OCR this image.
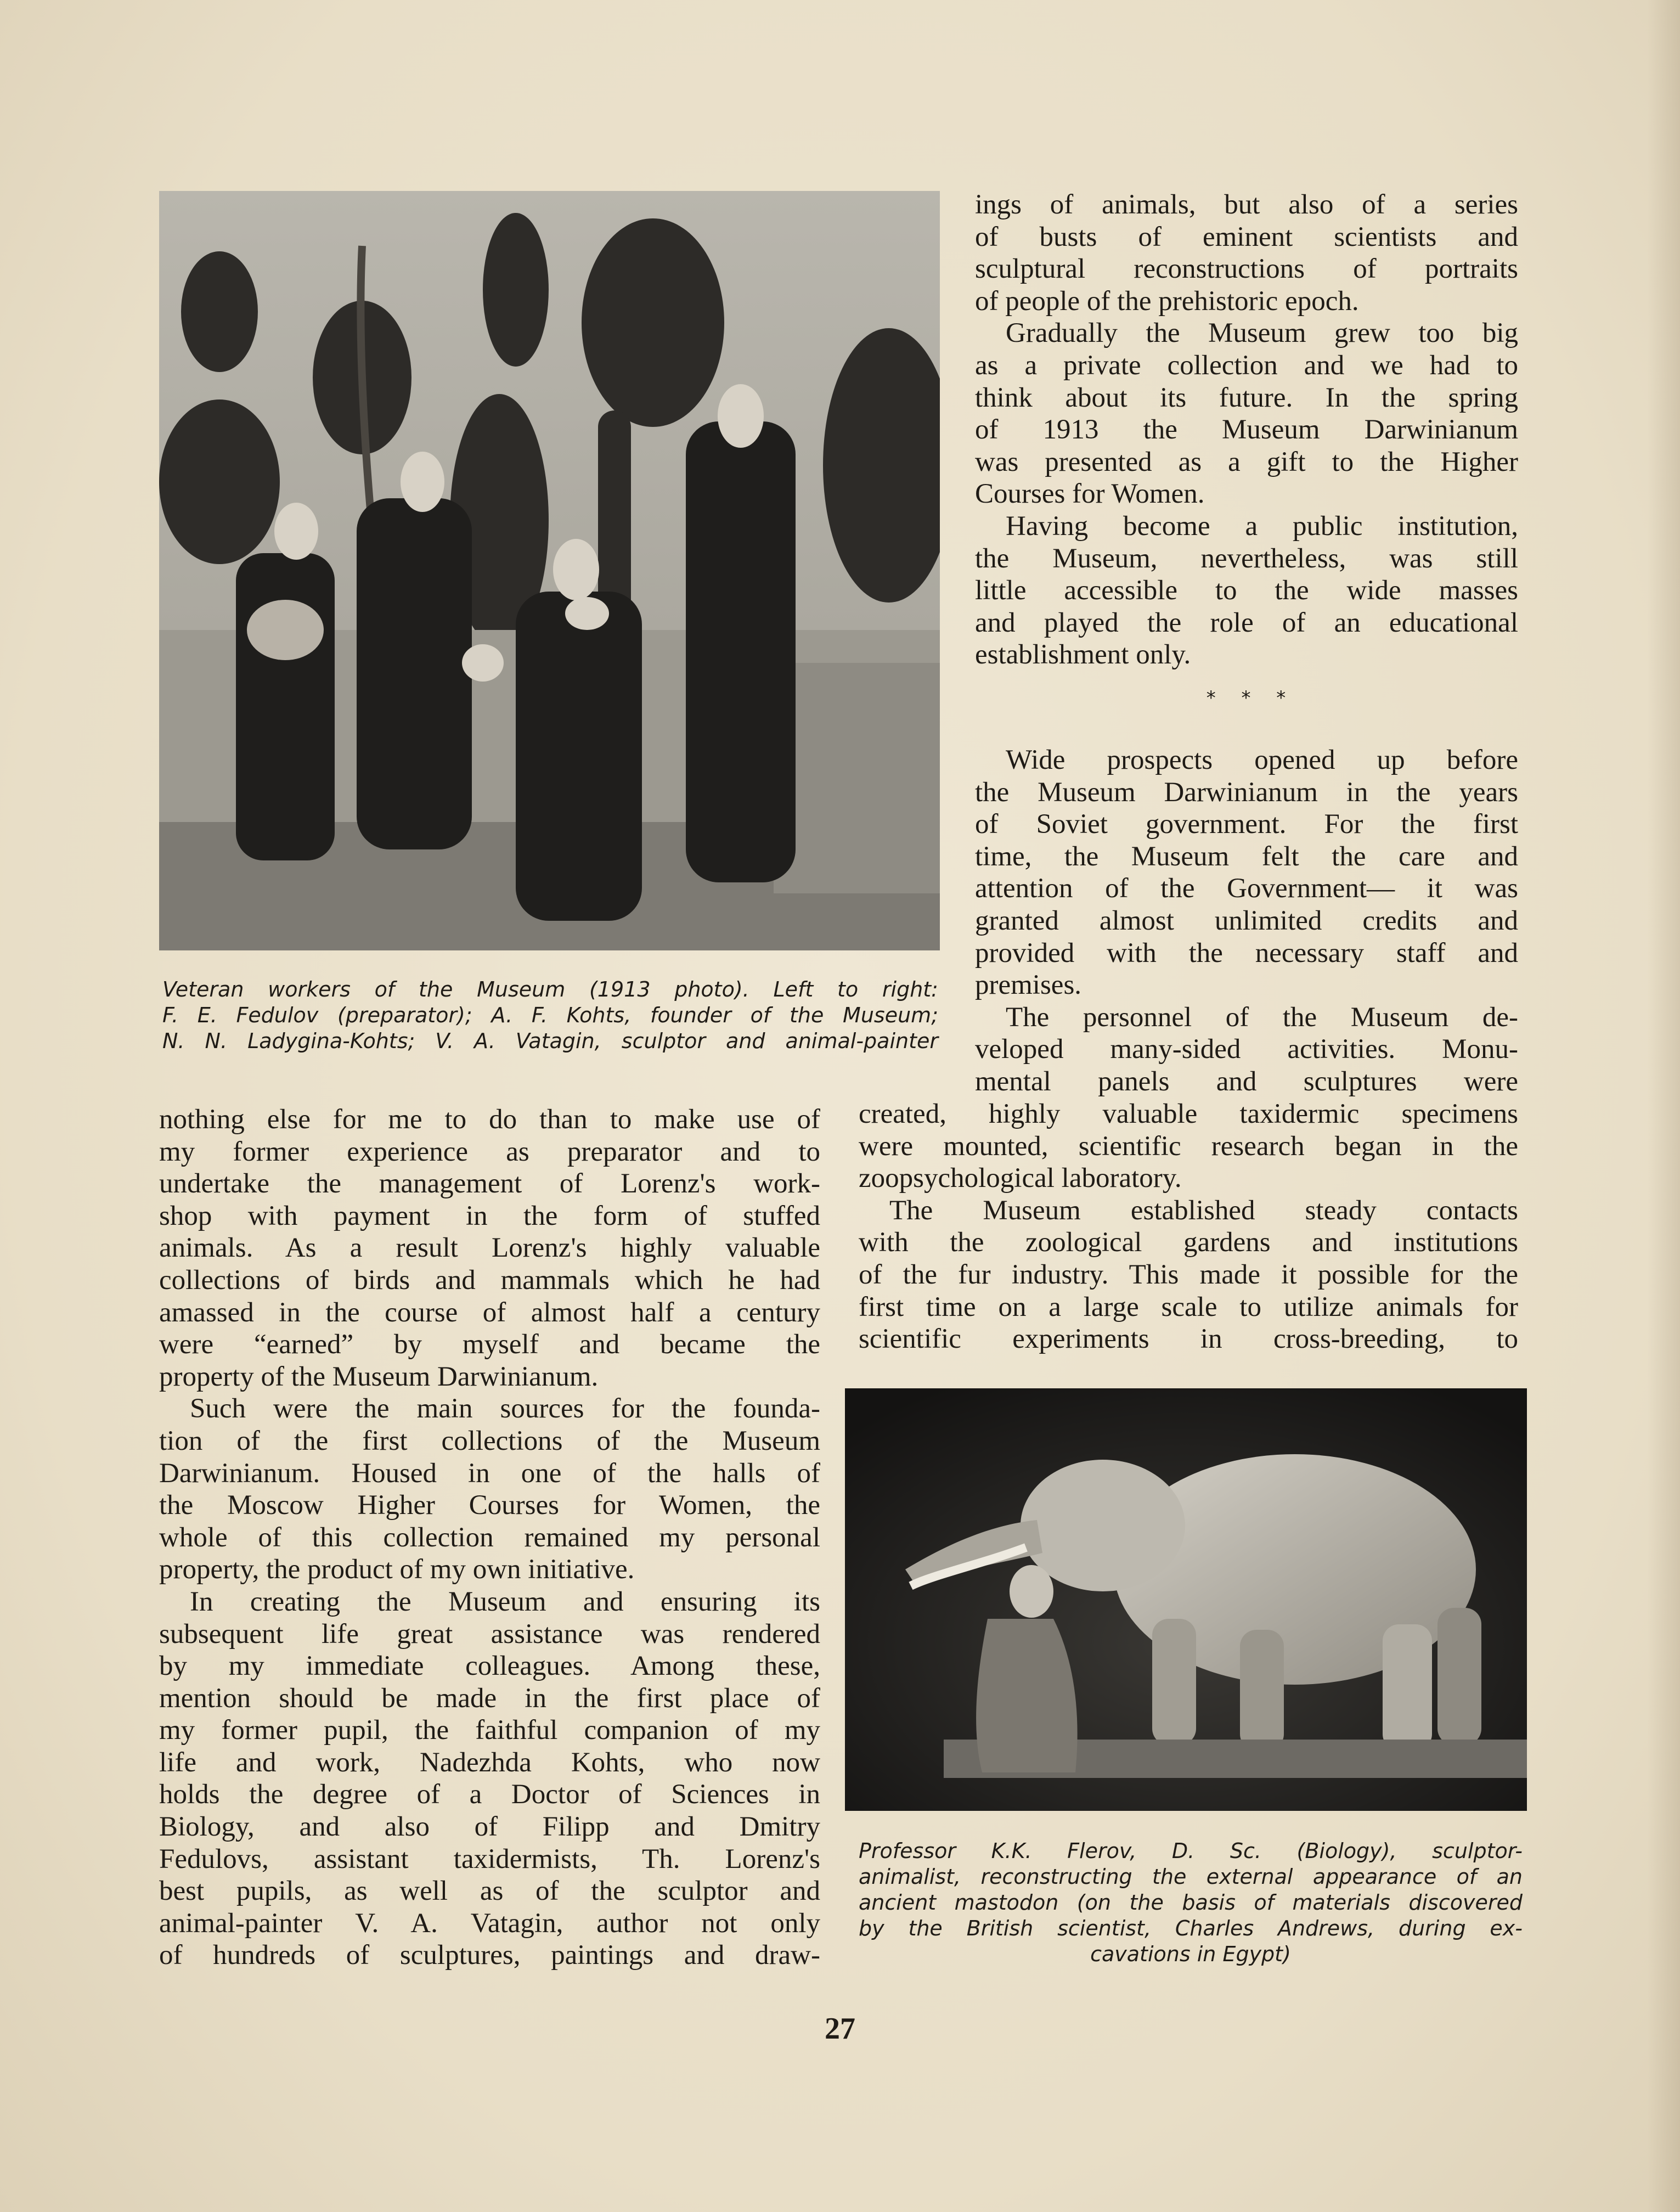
Veteran workers of the Museum (1913 photo). Left to right:
F. E. Fedulov (preparator); A. F. Kohts, founder of the Museum;
N. N. Ladygina-Kohts; V. A. Vatagin, sculptor and animal-painter
ings of animals, but also of a series
of busts of eminent scientists and
sculptural reconstructions of portraits
of people of the prehistoric epoch.
Gradually the Museum grew too big
as a private collection and we had to
think about its future. In the spring
of 1913 the Museum Darwinianum
was presented as a gift to the Higher
Courses for Women.
Having become a public institution,
the Museum, nevertheless, was still
little accessible to the wide masses
and played the role of an educational
establishment only.
* * *
Wide prospects opened up before
the Museum Darwinianum in the years
of Soviet government. For the first
time, the Museum felt the care and
attention of the Government— it was
granted almost unlimited credits and
provided with the necessary staff and
premises.
The personnel of the Museum de-
veloped many-sided activities. Monu-
mental panels and sculptures were
created, highly valuable taxidermic specimens
were mounted, scientific research began in the
zoopsychological laboratory.
The Museum established steady contacts
with the zoological gardens and institutions
of the fur industry. This made it possible for the
first time on a large scale to utilize animals for
scientific experiments in cross-breeding, to
nothing else for me to do than to make use of
my former experience as preparator and to
undertake the management of Lorenz's work-
shop with payment in the form of stuffed
animals. As a result Lorenz's highly valuable
collections of birds and mammals which he had
amassed in the course of almost half a century
were “earned” by myself and became the
property of the Museum Darwinianum.
Such were the main sources for the founda-
tion of the first collections of the Museum
Darwinianum. Housed in one of the halls of
the Moscow Higher Courses for Women, the
whole of this collection remained my personal
property, the product of my own initiative.
In creating the Museum and ensuring its
subsequent life great assistance was rendered
by my immediate colleagues. Among these,
mention should be made in the first place of
my former pupil, the faithful companion of my
life and work, Nadezhda Kohts, who now
holds the degree of a Doctor of Sciences in
Biology, and also of Filipp and Dmitry
Fedulovs, assistant taxidermists, Th. Lorenz's
best pupils, as well as of the sculptor and
animal-painter V. A. Vatagin, author not only
of hundreds of sculptures, paintings and draw-
Professor K.K. Flerov, D. Sc. (Biology), sculptor-
animalist, reconstructing the external appearance of an
ancient mastodon (on the basis of materials discovered
by the British scientist, Charles Andrews, during ex-
cavations in Egypt)
27
